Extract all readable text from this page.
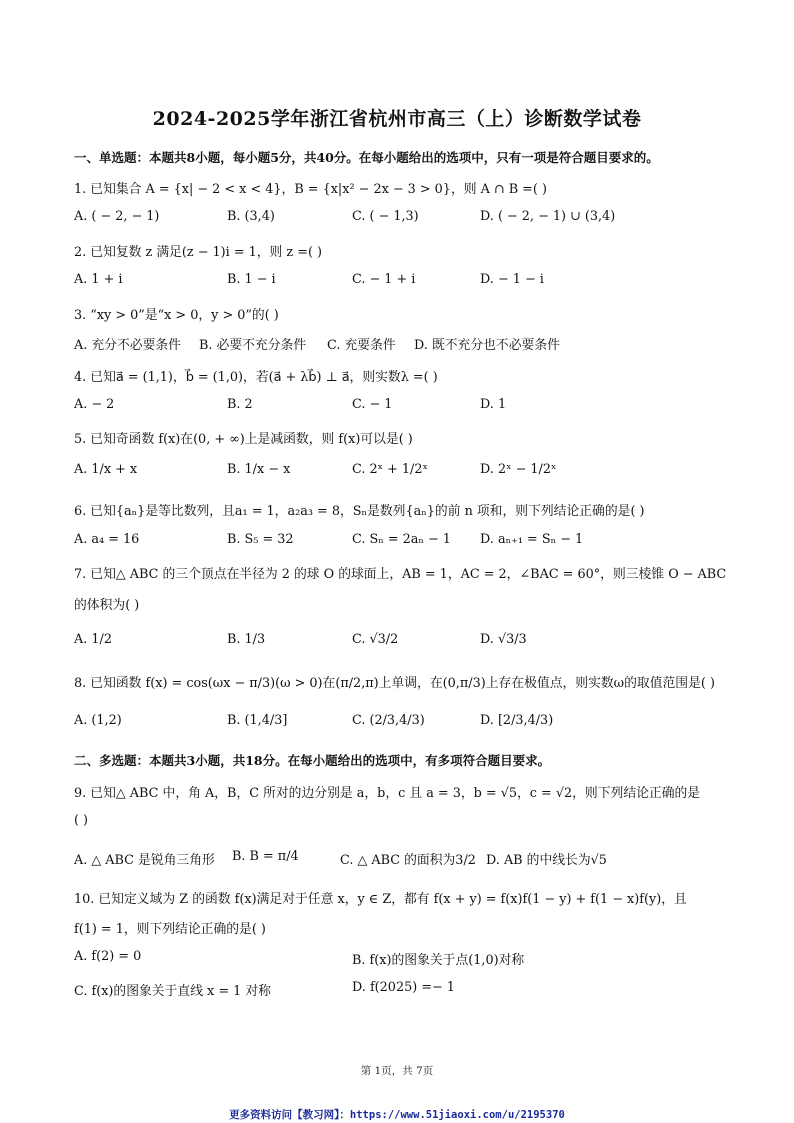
2024-2025学年浙江省杭州市高三（上）诊断数学试卷
一、单选题：本题共8小题，每小题5分，共40分。在每小题给出的选项中，只有一项是符合题目要求的。
1. 已知集合 A = {x| − 2 < x < 4}，B = {x|x² − 2x − 3 > 0}，则 A ∩ B =( )
A. ( − 2, − 1)	B. (3,4)	C. ( − 1,3)	D. ( − 2, − 1) ∪ (3,4)
2. 已知复数 z 满足(z − 1)i = 1，则 z =( )
A. 1 + i	B. 1 − i	C. − 1 + i	D. − 1 − i
3. “xy > 0”是“x > 0，y > 0”的( )
A. 充分不必要条件 B. 必要不充分条件 C. 充要条件 D. 既不充分也不必要条件
4. 已知a⃗ = (1,1)，b⃗ = (1,0)，若(a⃗ + λb⃗) ⊥ a⃗，则实数λ =( )
A. − 2	B. 2	C. − 1	D. 1
5. 已知奇函数 f(x)在(0, + ∞)上是减函数，则 f(x)可以是( )
A. 1/x + x	B. 1/x − x	C. 2ˣ + 1/2ˣ	D. 2ˣ − 1/2ˣ
6. 已知{aₙ}是等比数列，且a₁ = 1，a₂a₃ = 8，Sₙ是数列{aₙ}的前 n 项和，则下列结论正确的是( )
A. a₄ = 16	B. S₅ = 32	C. Sₙ = 2aₙ − 1 D. aₙ₊₁ = Sₙ − 1
7. 已知△ ABC 的三个顶点在半径为 2 的球 O 的球面上，AB = 1，AC = 2，∠BAC = 60°，则三棱锥 O − ABC
的体积为( )
A. 1/2	B. 1/3	C. √3/2	D. √3/3
8. 已知函数 f(x) = cos(ωx − π/3)(ω > 0)在(π/2,π)上单调，在(0,π/3)上存在极值点，则实数ω的取值范围是( )
A. (1,2)	B. (1,4/3]	C. (2/3,4/3)	D. [2/3,4/3)
二、多选题：本题共3小题，共18分。在每小题给出的选项中，有多项符合题目要求。
9. 已知△ ABC 中，角 A，B，C 所对的边分别是 a，b，c 且 a = 3，b = √5，c = √2，则下列结论正确的是
( )
A. △ ABC 是锐角三角形 B. B = π/4	C. △ ABC 的面积为3/2 D. AB 的中线长为√5
10. 已知定义域为 Z 的函数 f(x)满足对于任意 x，y ∈ Z，都有 f(x + y) = f(x)f(1 − y) + f(1 − x)f(y)，且
f(1) = 1，则下列结论正确的是( )
A. f(2) = 0	B. f(x)的图象关于点(1,0)对称
C. f(x)的图象关于直线 x = 1 对称	D. f(2025) =− 1
第 1页，共 7页
更多资料访问【教习网】：https://www.51jiaoxi.com/u/2195370
